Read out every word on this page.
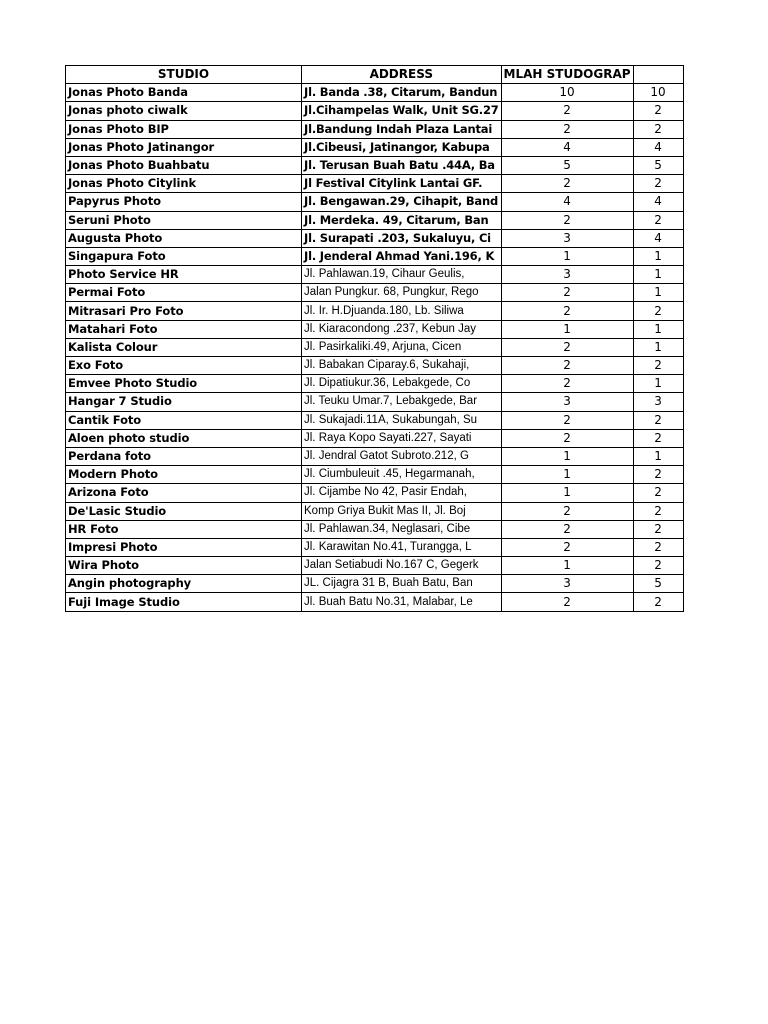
STUDIO	ADDRESS	MLAH STUDOGRAP	
Jonas Photo Banda	Jl. Banda .38, Citarum, Bandun	10	10
Jonas photo ciwalk	Jl.Cihampelas Walk, Unit SG.27	2	2
Jonas Photo BIP	Jl.Bandung Indah Plaza Lantai	2	2
Jonas Photo Jatinangor	Jl.Cibeusi, Jatinangor, Kabupa	4	4
Jonas Photo Buahbatu	Jl. Terusan Buah Batu .44A, Ba	5	5
Jonas Photo Citylink	Jl Festival Citylink Lantai GF.	2	2
Papyrus Photo	Jl. Bengawan.29, Cihapit, Band	4	4
Seruni Photo	Jl. Merdeka. 49, Citarum, Ban	2	2
Augusta Photo	Jl. Surapati .203, Sukaluyu, Ci	3	4
Singapura Foto	Jl. Jenderal Ahmad Yani.196, K	1	1
Photo Service HR	Jl. Pahlawan.19, Cihaur Geulis,	3	1
Permai Foto	Jalan Pungkur. 68, Pungkur, Rego	2	1
Mitrasari Pro Foto	Jl. Ir. H.Djuanda.180, Lb. Siliwa	2	2
Matahari Foto	Jl. Kiaracondong .237, Kebun Jay	1	1
Kalista Colour	Jl. Pasirkaliki.49, Arjuna, Cicen	2	1
Exo Foto	Jl. Babakan Ciparay.6, Sukahaji,	2	2
Emvee Photo Studio	Jl. Dipatiukur.36, Lebakgede, Co	2	1
Hangar 7 Studio	Jl. Teuku Umar.7, Lebakgede, Bar	3	3
Cantik Foto	Jl. Sukajadi.11A, Sukabungah, Su	2	2
Aloen photo studio	Jl. Raya Kopo Sayati.227, Sayati	2	2
Perdana foto	Jl. Jendral Gatot Subroto.212, G	1	1
Modern Photo	Jl. Ciumbuleuit .45, Hegarmanah,	1	2
Arizona Foto	Jl. Cijambe No 42, Pasir Endah,	1	2
De'Lasic Studio	Komp Griya Bukit Mas II, Jl. Boj	2	2
HR Foto	Jl. Pahlawan.34, Neglasari, Cibe	2	2
Impresi Photo	Jl. Karawitan No.41, Turangga, L	2	2
Wira Photo	Jalan Setiabudi No.167 C, Gegerk	1	2
Angin photography	JL. Cijagra 31 B, Buah Batu, Ban	3	5
Fuji Image Studio	Jl. Buah Batu No.31, Malabar, Le	2	2
